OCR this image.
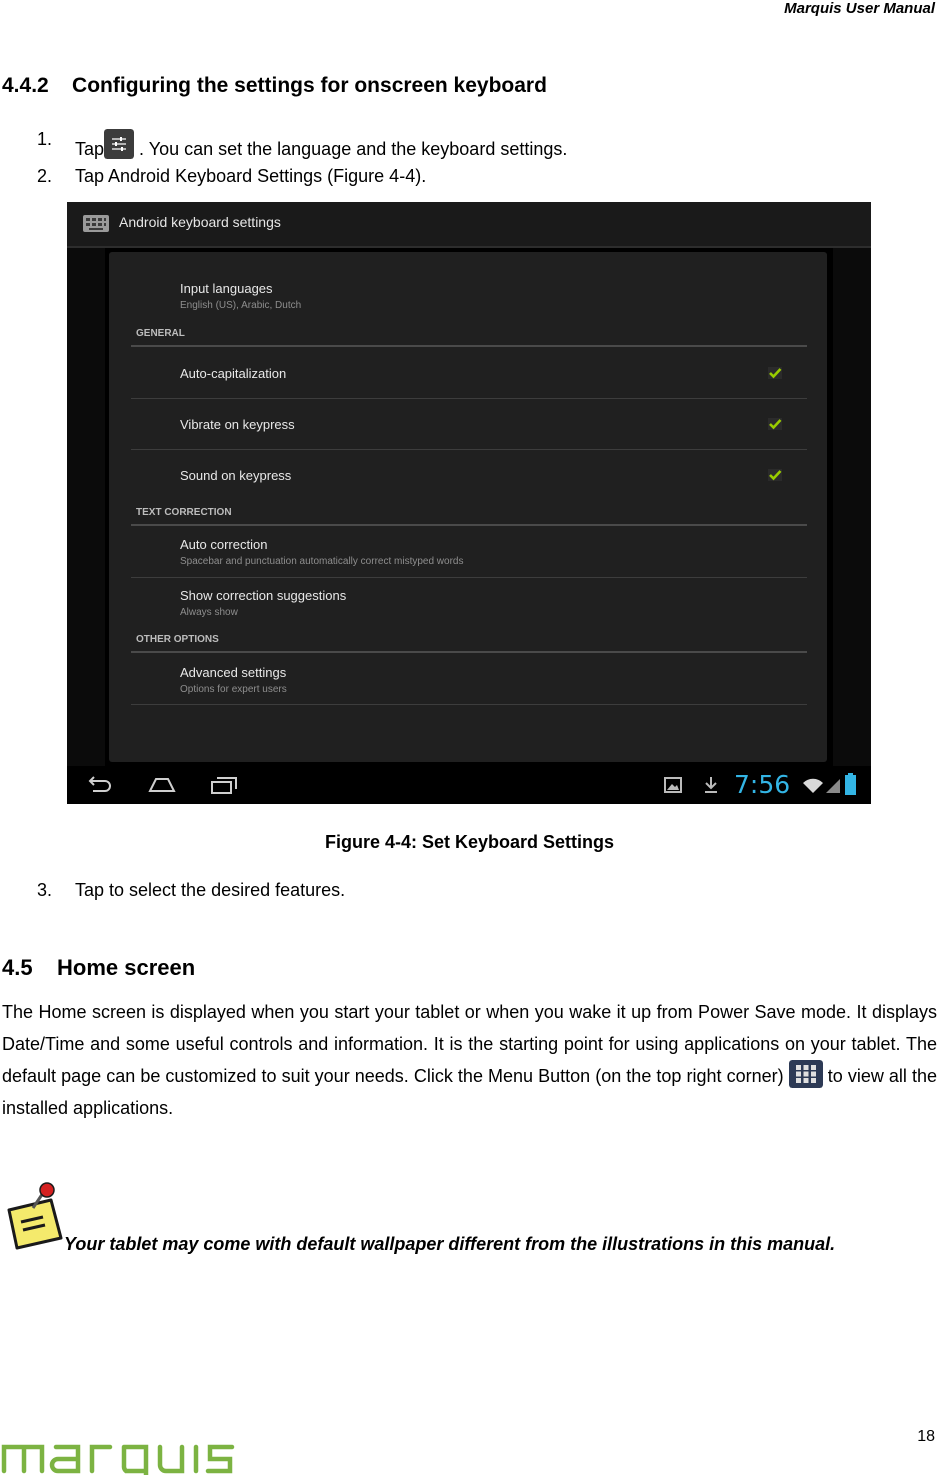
Marquis User Manual
4.4.2    Configuring the settings for onscreen keyboard
1. Tap . You can set the language and the keyboard settings.
2. Tap Android Keyboard Settings (Figure 4-4).
Android keyboard settings
Input languages
English (US), Arabic, Dutch
GENERAL
Auto-capitalization
Vibrate on keypress
Sound on keypress
TEXT CORRECTION
Auto correction
Spacebar and punctuation automatically correct mistyped words
Show correction suggestions
Always show
OTHER OPTIONS
Advanced settings
Options for expert users
7:56
Figure 4-4: Set Keyboard Settings
3. Tap to select the desired features.
4.5    Home screen
The Home screen is displayed when you start your tablet or when you wake it up from Power Save mode. It displays Date/Time and some useful controls and information. It is the starting point for using applications on your tablet. The default page can be customized to suit your needs. Click the Menu Button (on the top right corner)  to view all the installed applications.
Your tablet may come with default wallpaper different from the illustrations in this manual.
18
